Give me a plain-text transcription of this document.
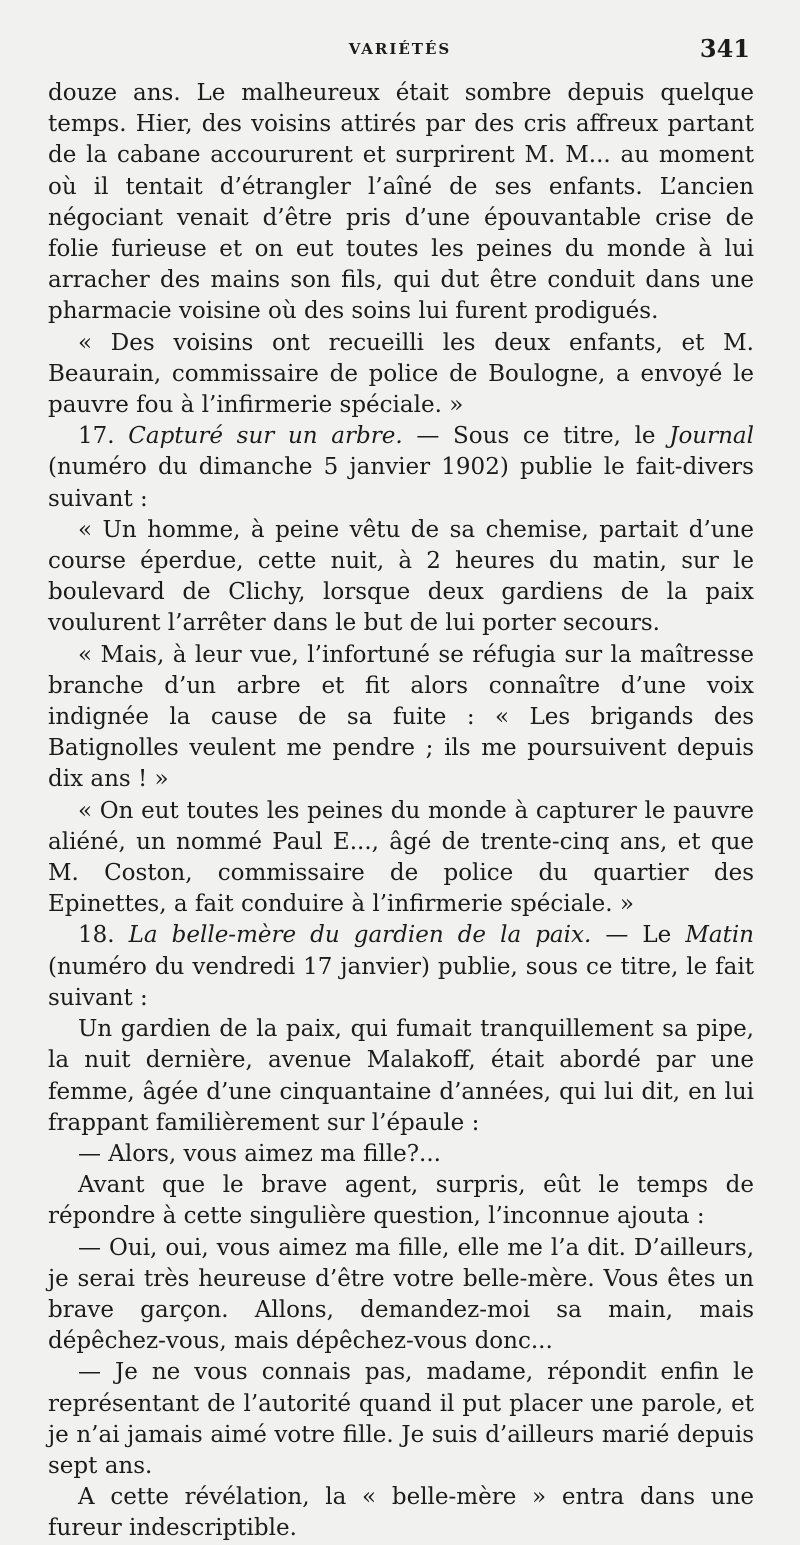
VARIÉTÉS	341

douze ans. Le malheureux était sombre depuis quelque temps. Hier, des voisins attirés par des cris affreux partant de la cabane accoururent et surprirent M. M... au moment où il tentait d’étrangler l’aîné de ses enfants. L’ancien négociant venait d’être pris d’une épouvantable crise de folie furieuse et on eut toutes les peines du monde à lui arracher des mains son fils, qui dut être conduit dans une pharmacie voisine où des soins lui furent prodigués.

« Des voisins ont recueilli les deux enfants, et M. Beaurain, commissaire de police de Boulogne, a envoyé le pauvre fou à l’infirmerie spéciale. »

17. Capturé sur un arbre. — Sous ce titre, le Journal (numéro du dimanche 5 janvier 1902) publie le fait-divers suivant :

« Un homme, à peine vêtu de sa chemise, partait d’une course éperdue, cette nuit, à 2 heures du matin, sur le boulevard de Clichy, lorsque deux gardiens de la paix voulurent l’arrêter dans le but de lui porter secours.

« Mais, à leur vue, l’infortuné se réfugia sur la maîtresse branche d’un arbre et fit alors connaître d’une voix indignée la cause de sa fuite : « Les brigands des Batignolles veulent me pendre ; ils me poursuivent depuis dix ans ! »

« On eut toutes les peines du monde à capturer le pauvre aliéné, un nommé Paul E..., âgé de trente-cinq ans, et que M. Coston, commissaire de police du quartier des Epinettes, a fait conduire à l’infirmerie spéciale. »

18. La belle-mère du gardien de la paix. — Le Matin (numéro du vendredi 17 janvier) publie, sous ce titre, le fait suivant :

Un gardien de la paix, qui fumait tranquillement sa pipe, la nuit dernière, avenue Malakoff, était abordé par une femme, âgée d’une cinquantaine d’années, qui lui dit, en lui frappant familièrement sur l’épaule :

— Alors, vous aimez ma fille?...

Avant que le brave agent, surpris, eût le temps de répondre à cette singulière question, l’inconnue ajouta :

— Oui, oui, vous aimez ma fille, elle me l’a dit. D’ailleurs, je serai très heureuse d’être votre belle-mère. Vous êtes un brave garçon. Allons, demandez-moi sa main, mais dépêchez-vous, mais dépêchez-vous donc...

— Je ne vous connais pas, madame, répondit enfin le représentant de l’autorité quand il put placer une parole, et je n’ai jamais aimé votre fille. Je suis d’ailleurs marié depuis sept ans.

A cette révélation, la « belle-mère » entra dans une fureur indescriptible.
